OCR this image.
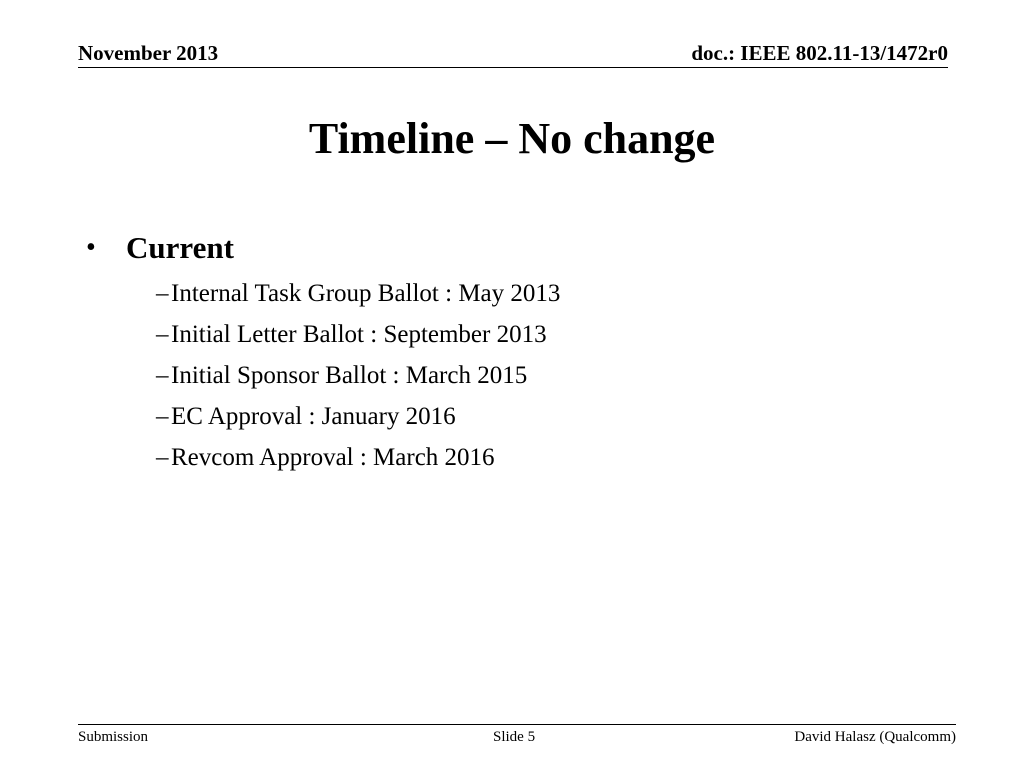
November 2013	doc.: IEEE 802.11-13/1472r0
Timeline – No change
• Current
– Internal Task Group Ballot : May 2013
– Initial Letter Ballot : September 2013
– Initial Sponsor Ballot : March 2015
– EC Approval : January 2016
– Revcom Approval : March 2016
Submission	Slide 5	David Halasz (Qualcomm)
